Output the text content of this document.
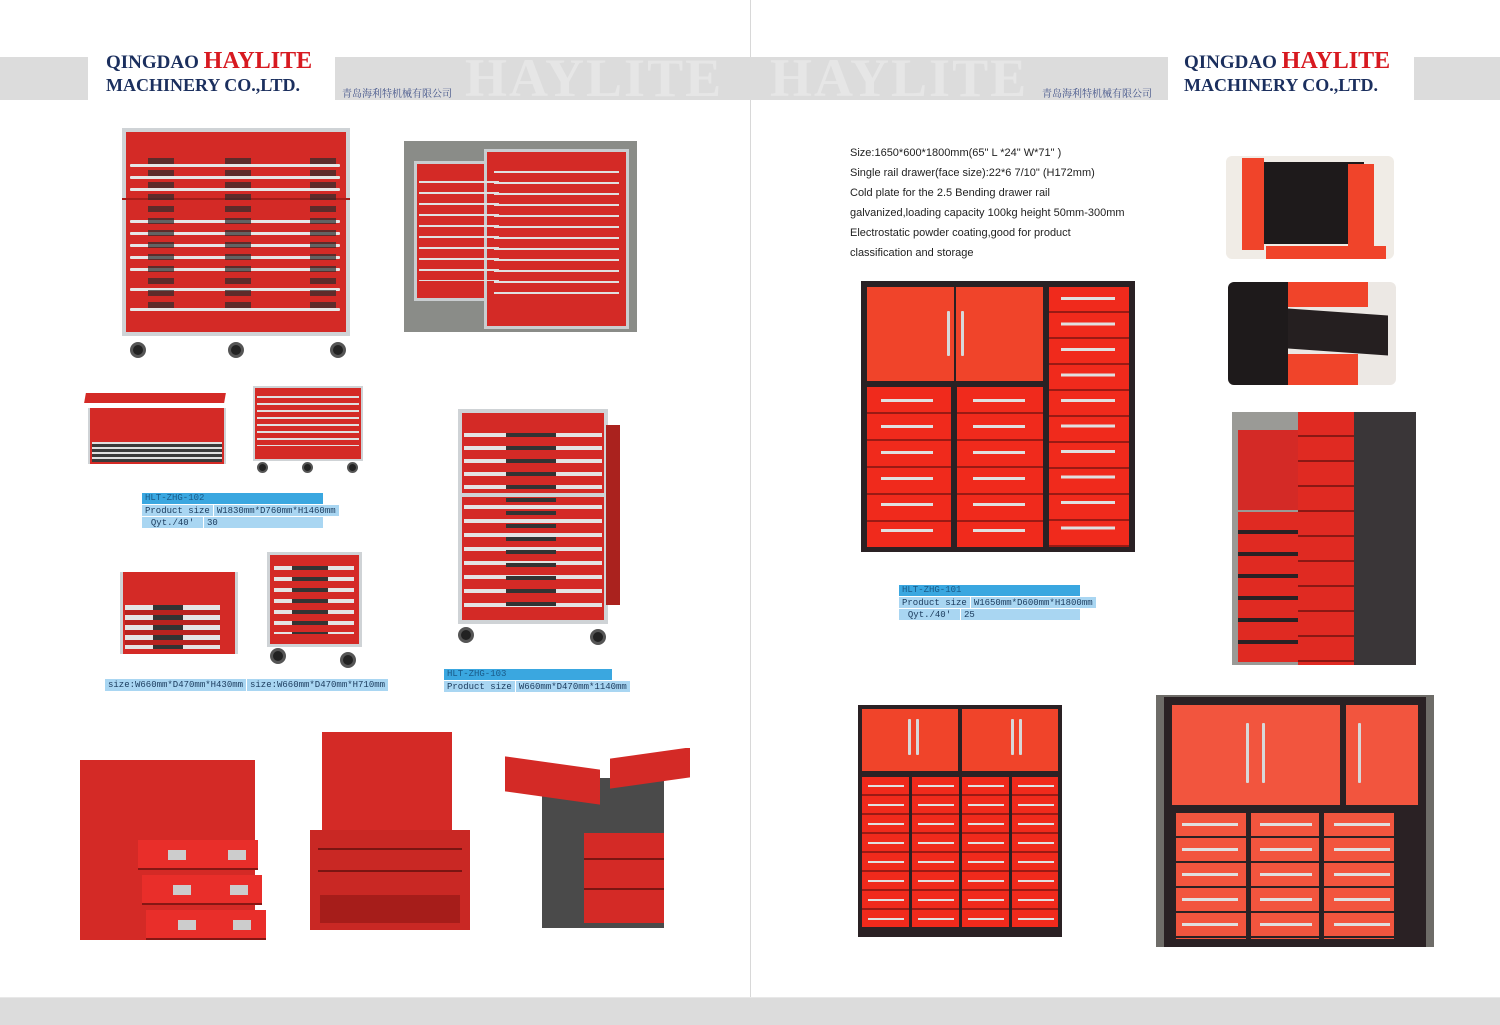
HAYLITE HAYLITE
QINGDAO HAYLITE
MACHINERY CO.,LTD.	青岛海利特机械有限公司	青岛海利特机械有限公司
QINGDAO HAYLITE
MACHINERY CO.,LTD.
HLT-ZHG-102
Product size W1830mm*D760mm*H1460mm
Qyt./40'	30
size:W660mm*D470mm*H430mm size:W660mm*D470mm*H710mm
HLT-ZHG-103
Product size W660mm*D470mm*1140mm
Size:1650*600*1800mm(65" L *24" W*71" )
Single rail drawer(face size):22*6 7/10" (H172mm)
Cold plate for the 2.5 Bending drawer rail
galvanized,loading capacity 100kg height 50mm-300mm
Electrostatic powder coating,good for product
classification and storage
HLT-ZHG-101
Product size W1650mm*D600mm*H1800mm
Qyt./40'	25
